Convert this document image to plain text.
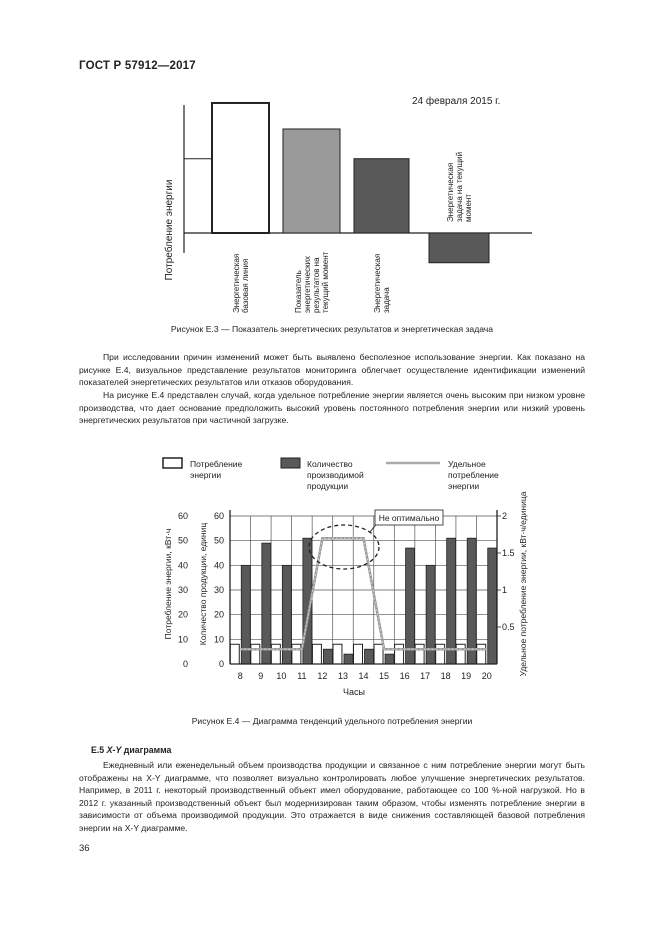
ГОСТ Р 57912—2017
24 февраля 2015 г.
Потребление энергии
Энергетическая базовая линия	Показатель энергетических результатов на текущий момент	Энергетическая задача
Энергетическая задача на текущий момент
Рисунок Е.3 — Показатель энергетических результатов и энергетическая задача
При исследовании причин изменений может быть выявлено бесполезное использование энергии. Как показано на рисунке Е.4, визуальное представление результатов мониторинга облегчает осуществление идентификации изменений показателей энергетических результатов или отказов оборудования.
На рисунке Е.4 представлен случай, когда удельное потребление энергии является очень высоким при низком уровне производства, что дает основание предположить высокий уровень постоянного потребления энергии или низкий уровень энергетических результатов при частичной загрузке.
Потребление
энергии
Количество
производимой
продукции
Удельное
потребление
энергии
Потребление энергии, кВт·ч	Количество продукции, единиц	Удельное потребление энергии, кВт·ч/единица
Часы
0	0
10	10
20	20
30	30
40	40
50	50
60	60
0.5
1
1.5
2
8 9 10 11 12 13 14 15 16 17 18 19 20
Не оптимально
Рисунок Е.4 — Диаграмма тенденций удельного потребления энергии
Е.5 X-Y диаграмма
Ежедневный или еженедельный объем производства продукции и связанное с ним потребление энергии могут быть отображены на X-Y диаграмме, что позволяет визуально контролировать любое улучшение энергетических результатов. Например, в 2011 г. некоторый производственный объект имел оборудование, работающее со 100 %-ной нагрузкой. Но в 2012 г. указанный производственный объект был модернизирован таким образом, чтобы изменять потребление энергии в зависимости от объема производимой продукции. Это отражается в виде снижения составляющей базовой потребления энергии на X-Y диаграмме.
36
